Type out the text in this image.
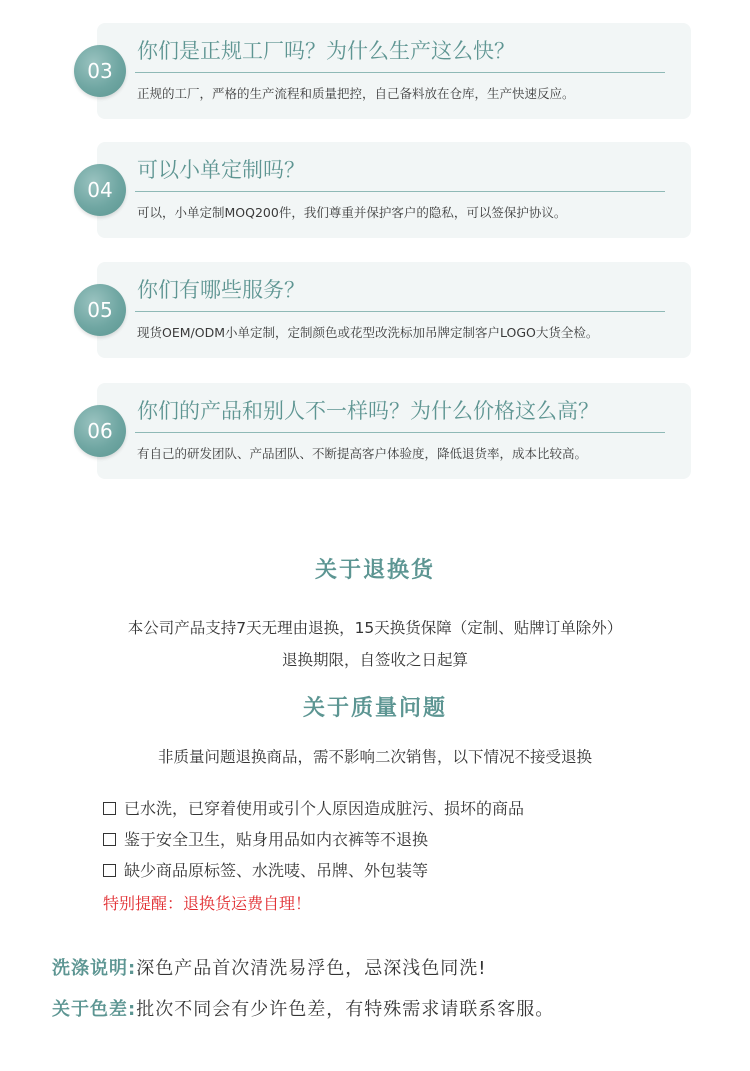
你们是正规工厂吗？为什么生产这么快？
正规的工厂，严格的生产流程和质量把控，自己备料放在仓库，生产快速反应。
03
可以小单定制吗？
可以，小单定制MOQ200件，我们尊重并保护客户的隐私，可以签保护协议。
04
你们有哪些服务？
现货OEM/ODM小单定制，定制颜色或花型改洗标加吊牌定制客户LOGO大货全检。
05
你们的产品和别人不一样吗？为什么价格这么高？
有自己的研发团队、产品团队、不断提高客户体验度，降低退货率，成本比较高。
06
关于退换货
本公司产品支持7天无理由退换，15天换货保障（定制、贴牌订单除外）
退换期限，自签收之日起算
关于质量问题
非质量问题退换商品，需不影响二次销售，以下情况不接受退换
已水洗，已穿着使用或引个人原因造成脏污、损坏的商品
鉴于安全卫生，贴身用品如内衣裤等不退换
缺少商品原标签、水洗唛、吊牌、外包装等
特别提醒：退换货运费自理！
洗涤说明:深色产品首次清洗易浮色，忌深浅色同洗!
关于色差:批次不同会有少许色差，有特殊需求请联系客服。
